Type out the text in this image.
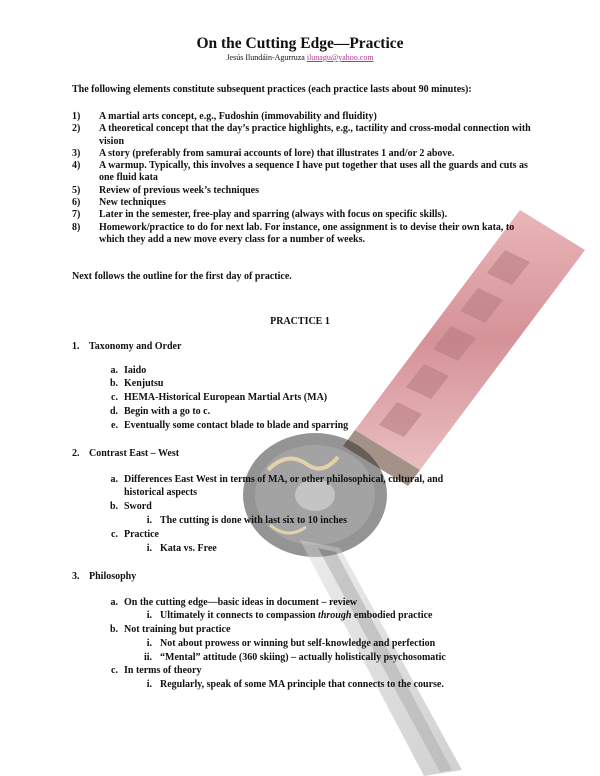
On the Cutting Edge—Practice
Jesús Ilundáin-Agurruza ilunagu@yahoo.com
The following elements constitute subsequent practices (each practice lasts about 90 minutes):
1) A martial arts concept, e.g., Fudoshin (immovability and fluidity)
2) A theoretical concept that the day’s practice highlights, e.g., tactility and cross-modal connection with vision
3) A story (preferably from samurai accounts of lore) that illustrates 1 and/or 2 above.
4) A warmup. Typically, this involves a sequence I have put together that uses all the guards and cuts as one fluid kata
5) Review of previous week’s techniques
6) New techniques
7) Later in the semester, free-play and sparring (always with focus on specific skills).
8) Homework/practice to do for next lab. For instance, one assignment is to devise their own kata, to which they add a new move every class for a number of weeks.
Next follows the outline for the first day of practice.
PRACTICE 1
1. Taxonomy and Order
a. Iaido
b. Kenjutsu
c. HEMA-Historical European Martial Arts (MA)
d. Begin with a go to c.
e. Eventually some contact blade to blade and sparring
2. Contrast East – West
a. Differences East West in terms of MA, or other philosophical, cultural, and
historical aspects
b. Sword
i. The cutting is done with last six to 10 inches
c. Practice
i. Kata vs. Free
3. Philosophy
a. On the cutting edge—basic ideas in document – review
i. Ultimately it connects to compassion through embodied practice
b. Not training but practice
i. Not about prowess or winning but self-knowledge and perfection
ii. “Mental” attitude (360 skiing) – actually holistically psychosomatic
c. In terms of theory
i. Regularly, speak of some MA principle that connects to the course.
